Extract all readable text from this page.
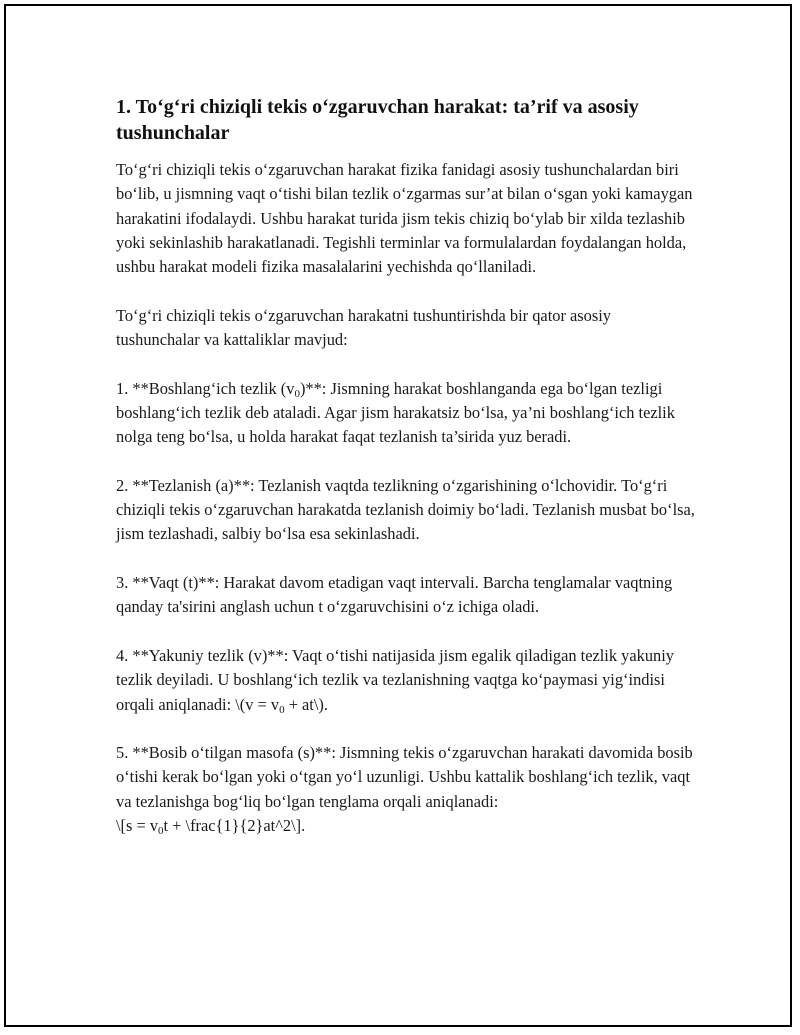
1. To‘g‘ri chiziqli tekis o‘zgaruvchan harakat: ta’rif va asosiy tushunchalar

To‘g‘ri chiziqli tekis o‘zgaruvchan harakat fizika fanidagi asosiy tushunchalardan biri bo‘lib, u jismning vaqt o‘tishi bilan tezlik o‘zgarmas sur’at bilan o‘sgan yoki kamaygan harakatini ifodalaydi. Ushbu harakat turida jism tekis chiziq bo‘ylab bir xilda tezlashib yoki sekinlashib harakatlanadi. Tegishli terminlar va formulalardan foydalangan holda, ushbu harakat modeli fizika masalalarini yechishda qo‘llaniladi.

To‘g‘ri chiziqli tekis o‘zgaruvchan harakatni tushuntirishda bir qator asosiy tushunchalar va kattaliklar mavjud:

1. **Boshlang‘ich tezlik $(v_0)**$: Jismning harakat boshlanganda ega bo‘lgan tezligi boshlang‘ich tezlik deb ataladi. Agar jism harakatsiz bo‘lsa, ya’ni boshlang‘ich tezlik nolga teng bo‘lsa, u holda harakat faqat tezlanish ta’sirida yuz beradi.

2. **Tezlanish (a)**: Tezlanish vaqtda tezlikning o‘zgarishining o‘lchovidir. To‘g‘ri chiziqli tekis o‘zgaruvchan harakatda tezlanish doimiy bo‘ladi. Tezlanish musbat bo‘lsa, jism tezlashadi, salbiy bo‘lsa esa sekinlashadi.

3. **Vaqt (t)**: Harakat davom etadigan vaqt intervali. Barcha tenglamalar vaqtning qanday ta'sirini anglash uchun t o‘zgaruvchisini o‘z ichiga oladi.

4. **Yakuniy tezlik (v)**: Vaqt o‘tishi natijasida jism egalik qiladigan tezlik yakuniy tezlik deyiladi. U boshlang‘ich tezlik va tezlanishning vaqtga ko‘paymasi yig‘indisi orqali aniqlanadi: \(v = $v_0$ + at\).

5. **Bosib o‘tilgan masofa (s)**: Jismning tekis o‘zgaruvchan harakati davomida bosib o‘tishi kerak bo‘lgan yoki o‘tgan yo‘l uzunligi. Ushbu kattalik boshlang‘ich tezlik, vaqt va tezlanishga bog‘liq bo‘lgan tenglama orqali aniqlanadi:
\[s = $v_0t$ + \frac{1}{2}at^2\].
